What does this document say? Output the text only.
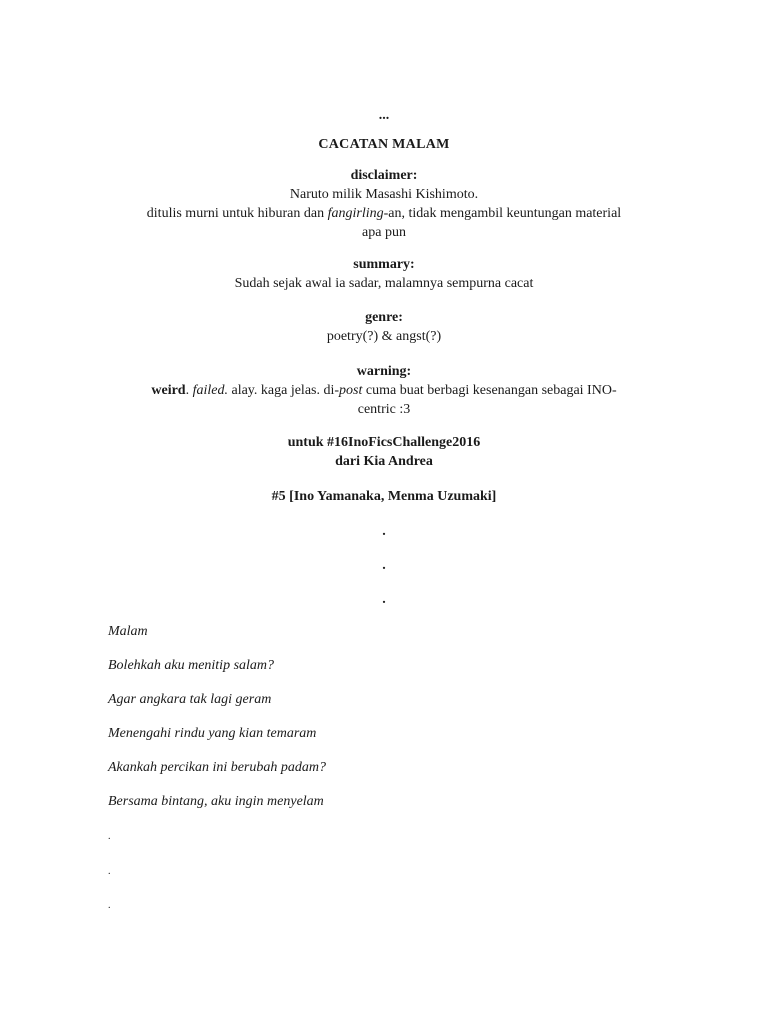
...
CACATAN MALAM
disclaimer:
Naruto milik Masashi Kishimoto.
ditulis murni untuk hiburan dan fangirling-an, tidak mengambil keuntungan material
apa pun
summary:
Sudah sejak awal ia sadar, malamnya sempurna cacat
genre:
poetry(?) & angst(?)
warning:
weird. failed. alay. kaga jelas. di-post cuma buat berbagi kesenangan sebagai INO-
centric :3
untuk #16InoFicsChallenge2016
dari Kia Andrea
#5 [Ino Yamanaka, Menma Uzumaki]
.
.
.
Malam
Bolehkah aku menitip salam?
Agar angkara tak lagi geram
Menengahi rindu yang kian temaram
Akankah percikan ini berubah padam?
Bersama bintang, aku ingin menyelam
.
.
.
